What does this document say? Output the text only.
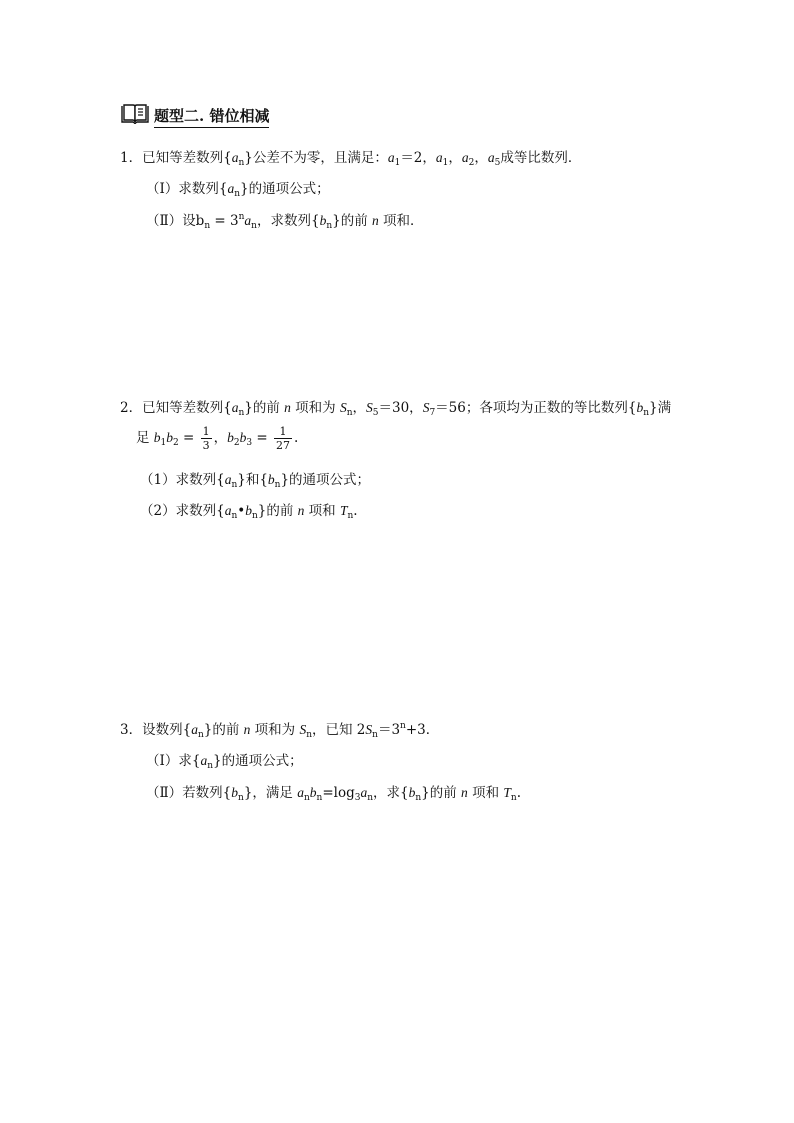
题型二. 错位相减
1．已知等差数列$\{a_n\}$公差不为零，且满足：$a_1=2$，$a_1$，$a_2$，$a_5$成等比数列．
（Ⅰ）求数列$\{a_n\}$的通项公式；
（Ⅱ）设$b_n = 3^na_n$，求数列$\{b_n\}$的前 n 项和．
2．已知等差数列$\{a_n\}$的前 n 项和为 $S_n$，$S_5=30$，$S_7=56$；各项均为正数的等比数列$\{b_n\}$满
足 $b_1b_2 = \frac{1}{3}$ ，$b_2b_3 = \frac{1}{27}$ .
（1）求数列$\{a_n\}$和$\{b_n\}$的通项公式；
（2）求数列$\{a_n•b_n\}$的前 n 项和 $T_n$.
3．设数列$\{a_n\}$的前 n 项和为 $S_n$，已知 $2S_n=3^n+3$．
（Ⅰ）求$\{a_n\}$的通项公式；
（Ⅱ）若数列$\{b_n\}$，满足 $a_nb_n=\log_3a_n$，求$\{b_n\}$的前 n 项和 $T_n$.
